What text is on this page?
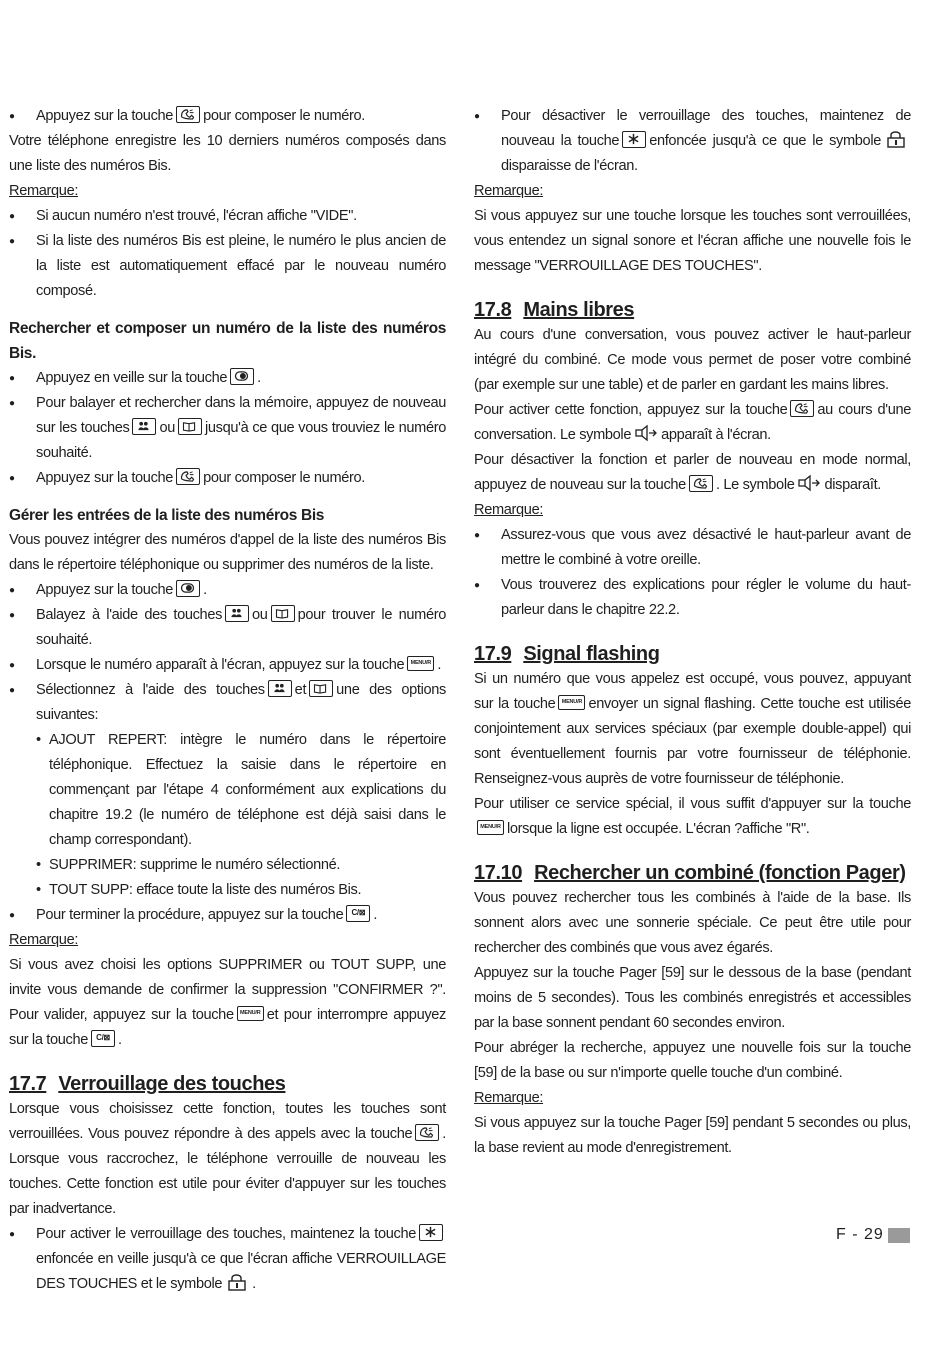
● Appuyez sur la touche pour composer le numéro.

Votre téléphone enregistre les 10 derniers numéros composés dans une liste des numéros Bis.

Remarque:

● Si aucun numéro n'est trouvé, l'écran affiche "VIDE".

● Si la liste des numéros Bis est pleine, le numéro le plus ancien de la liste est automatiquement effacé par le nouveau numéro composé.

Rechercher et composer un numéro de la liste des numéros Bis.

● Appuyez en veille sur la touche .

● Pour balayer et rechercher dans la mémoire, appuyez de nouveau sur les touches ou jusqu'à ce que vous trouviez le numéro souhaité.

● Appuyez sur la touche pour composer le numéro.

Gérer les entrées de la liste des numéros Bis

Vous pouvez intégrer des numéros d'appel de la liste des numéros Bis dans le répertoire téléphonique ou supprimer des numéros de la liste.

● Appuyez sur la touche .

● Balayez à l'aide des touches ou pour trouver le numéro souhaité.

● Lorsque le numéro apparaît à l'écran, appuyez sur la touche MENU/R .

● Sélectionnez à l'aide des touches et une des options suivantes:

• AJOUT REPERT: intègre le numéro dans le répertoire téléphonique. Effectuez la saisie dans le répertoire en commençant par l'étape 4 conformément aux explications du chapitre 19.2 (le numéro de téléphone est déjà saisi dans le champ correspondant).

• SUPPRIMER: supprime le numéro sélectionné.

• TOUT SUPP: efface toute la liste des numéros Bis.

● Pour terminer la procédure, appuyez sur la touche	C/⊠ .

Remarque:

Si vous avez choisi les options SUPPRIMER ou TOUT SUPP, une invite vous demande de confirmer la suppression "CONFIRMER ?". Pour valider, appuyez sur la touche MENU/R et pour interrompre appuyez sur la touche	C/⊠ .

17.7 Verrouillage des touches

Lorsque vous choisissez cette fonction, toutes les touches sont verrouillées. Vous pouvez répondre à des appels avec la touche . Lorsque vous raccrochez, le téléphone verrouille de nouveau les touches. Cette fonction est utile pour éviter d'appuyer sur les touches par inadvertance.

● Pour activer le verrouillage des touches, maintenez la touche
enfoncée en veille jusqu'à ce que l'écran affiche VERROUILLAGE DES TOUCHES et le symbole .

● Pour désactiver le verrouillage des touches, maintenez de nouveau la touche enfoncée jusqu'à ce que le symboledisparaisse de l'écran.

Remarque:

Si vous appuyez sur une touche lorsque les touches sont verrouillées, vous entendez un signal sonore et l'écran affiche une nouvelle fois le message "VERROUILLAGE DES TOUCHES".

17.8 Mains libres

Au cours d'une conversation, vous pouvez activer le haut-parleur intégré du combiné. Ce mode vous permet de poser votre combiné (par exemple sur une table) et de parler en gardant les mains libres.

Pour activer cette fonction, appuyez sur la touche au cours d'une conversation. Le symbole apparaît à l'écran.

Pour désactiver la fonction et parler de nouveau en mode normal, appuyez de nouveau sur la touche . Le symbole disparaît.

Remarque:

● Assurez-vous que vous avez désactivé le haut-parleur avant de mettre le combiné à votre oreille.

● Vous trouverez des explications pour régler le volume du haut-parleur dans le chapitre 22.2.

17.9 Signal flashing

Si un numéro que vous appelez est occupé, vous pouvez, appuyant sur la touche MENU/R envoyer un signal flashing. Cette touche est utilisée conjointement aux services spéciaux (par exemple double-appel) qui sont éventuellement fournis par votre fournisseur de téléphonie. Renseignez-vous auprès de votre fournisseur de téléphonie.

Pour utiliser ce service spécial, il vous suffit d'appuyer sur la touche
MENU/R lorsque la ligne est occupée. L'écran ?affiche "R".

17.10 Rechercher un combiné (fonction Pager)

Vous pouvez rechercher tous les combinés à l'aide de la base. Ils sonnent alors avec une sonnerie spéciale. Ce peut être utile pour rechercher des combinés que vous avez égarés.

Appuyez sur la touche Pager [59] sur le dessous de la base (pendant moins de 5 secondes). Tous les combinés enregistrés et accessibles par la base sonnent pendant 60 secondes environ.

Pour abréger la recherche, appuyez une nouvelle fois sur la touche [59] de la base ou sur n'importe quelle touche d'un combiné.

Remarque:

Si vous appuyez sur la touche Pager [59] pendant 5 secondes ou plus, la base revient au mode d'enregistrement.

F - 29
